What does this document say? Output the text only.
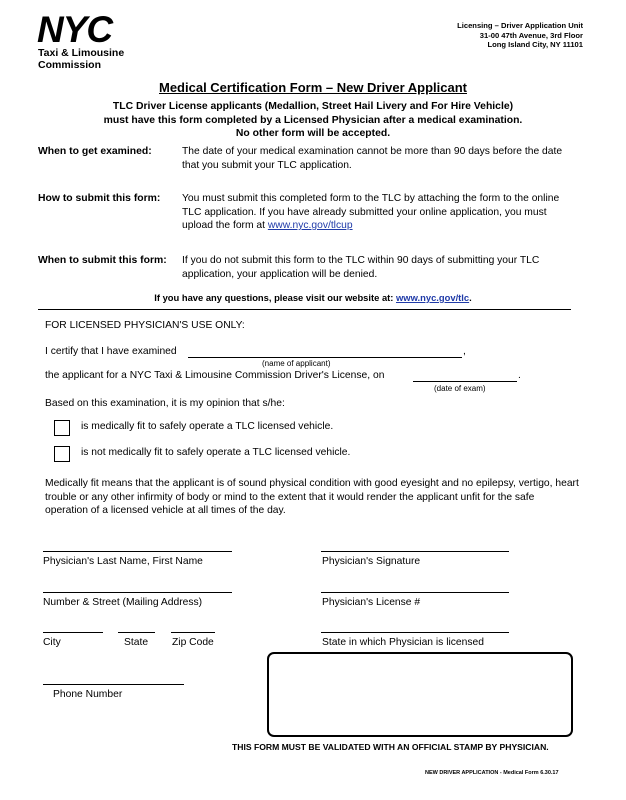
NYC
Taxi & Limousine
Commission
Licensing – Driver Application Unit
31-00 47th Avenue, 3rd Floor
Long Island City, NY 11101
Medical Certification Form – New Driver Applicant
TLC Driver License applicants (Medallion, Street Hail Livery and For Hire Vehicle)
must have this form completed by a Licensed Physician after a medical examination.
No other form will be accepted.
When to get examined:	The date of your medical examination cannot be more than 90 days before the date that you submit your TLC application.
How to submit this form: You must submit this completed form to the TLC by attaching the form to the online TLC application. If you have already submitted your online application, you must upload the form at www.nyc.gov/tlcup
When to submit this form: If you do not submit this form to the TLC within 90 days of submitting your TLC application, your application will be denied.
If you have any questions, please visit our website at: www.nyc.gov/tlc.
FOR LICENSED PHYSICIAN'S USE ONLY:
I certify that I have examined	,
(name of applicant)
the applicant for a NYC Taxi & Limousine Commission Driver's License, on	.
(date of exam)
Based on this examination, it is my opinion that s/he:
is medically fit to safely operate a TLC licensed vehicle.
is not medically fit to safely operate a TLC licensed vehicle.
Medically fit means that the applicant is of sound physical condition with good eyesight and no epilepsy, vertigo, heart trouble or any other infirmity of body or mind to the extent that it would render the applicant unfit for the safe operation of a licensed vehicle at all times of the day.
Physician's Last Name, First Name	Physician's Signature
Number & Street (Mailing Address)	Physician's License #
City	State Zip Code	State in which Physician is licensed
Phone Number
THIS FORM MUST BE VALIDATED WITH AN OFFICIAL STAMP BY PHYSICIAN.
NEW DRIVER APPLICATION - Medical Form 6.30.17
